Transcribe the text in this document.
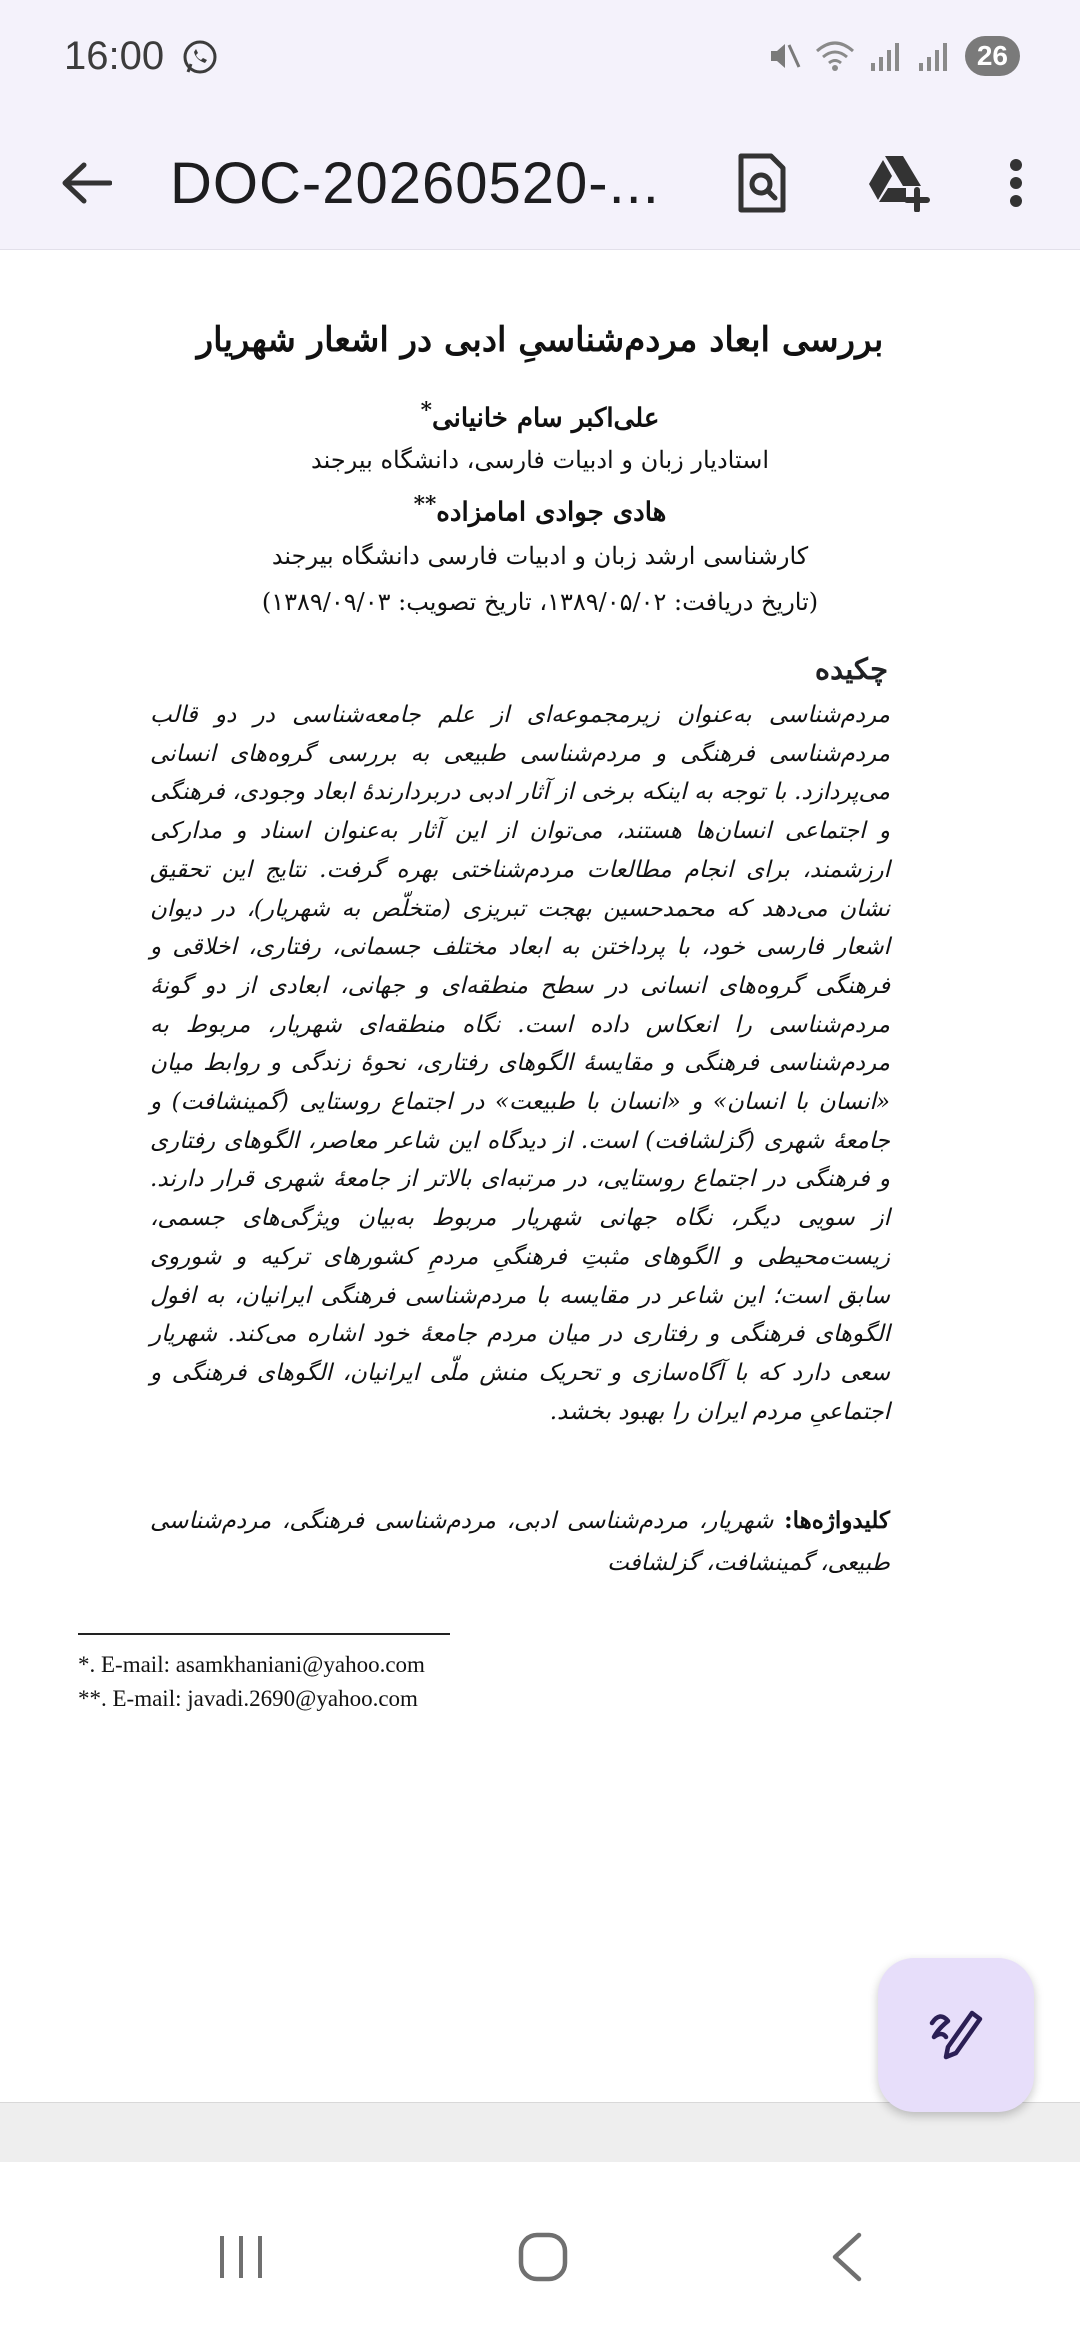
16:00	26
DOC-20260520-...
بررسی ابعاد مردم‌شناسیِ ادبی در اشعار شهریار
علی‌اکبر سام خانیانی*
استادیار زبان و ادبیات فارسی، دانشگاه بیرجند
هادی جوادی امامزاده**
کارشناسی ارشد زبان و ادبیات فارسی دانشگاه بیرجند
(تاریخ دریافت: ۱۳۸۹/۰۵/۰۲، تاریخ تصویب: ۱۳۸۹/۰۹/۰۳)
چکیده
مردم‌شناسی به‌عنوان زیرمجموعه‌ای از علم جامعه‌شناسی در دو قالب مردم‌شناسی فرهنگی و مردم‌شناسی طبیعی به بررسی گروه‌های انسانی می‌پردازد. با توجه به اینکه برخی از آثار ادبی دربردارندهٔ ابعاد وجودی، فرهنگی و اجتماعی انسان‌ها هستند، می‌توان از این آثار به‌عنوان اسناد و مدارکی ارزشمند، برای انجام مطالعات مردم‌شناختی بهره گرفت. نتایج این تحقیق نشان می‌دهد که محمدحسین بهجت تبریزی (متخلّص به شهریار)، در دیوان اشعار فارسی خود، با پرداختن به ابعاد مختلف جسمانی، رفتاری، اخلاقی و فرهنگی گروه‌های انسانی در سطح منطقه‌ای و جهانی، ابعادی از دو گونهٔ مردم‌شناسی را انعکاس داده است. نگاه منطقه‌ای شهریار، مربوط به مردم‌شناسی فرهنگی و مقایسهٔ الگوهای رفتاری، نحوهٔ زندگی و روابط میان «انسان با انسان» و «انسان با طبیعت» در اجتماع روستایی (گمینشافت) و جامعهٔ شهری (گزلشافت) است. از دیدگاه این شاعر معاصر، الگوهای رفتاری و فرهنگی در اجتماع روستایی، در مرتبه‌ای بالاتر از جامعهٔ شهری قرار دارند. از سویی دیگر، نگاه جهانی شهریار مربوط به‌بیان ویژگی‌های جسمی، زیست‌محیطی و الگوهای مثبتِ فرهنگیِ مردمِ کشورهای ترکیه و شوروی سابق است؛ این شاعر در مقایسه با مردم‌شناسی فرهنگی ایرانیان، به افول الگوهای فرهنگی و رفتاری در میان مردم جامعهٔ خود اشاره می‌کند. شهریار سعی دارد که با آگاه‌سازی و تحریک منش ملّی ایرانیان، الگوهای فرهنگی و اجتماعیِ مردم ایران را بهبود بخشد.
کلیدواژه‌ها: شهریار، مردم‌شناسی ادبی، مردم‌شناسی فرهنگی، مردم‌شناسی طبیعی، گمینشافت، گزلشافت
*. E-mail: asamkhaniani@yahoo.com
**. E-mail: javadi.2690@yahoo.com
